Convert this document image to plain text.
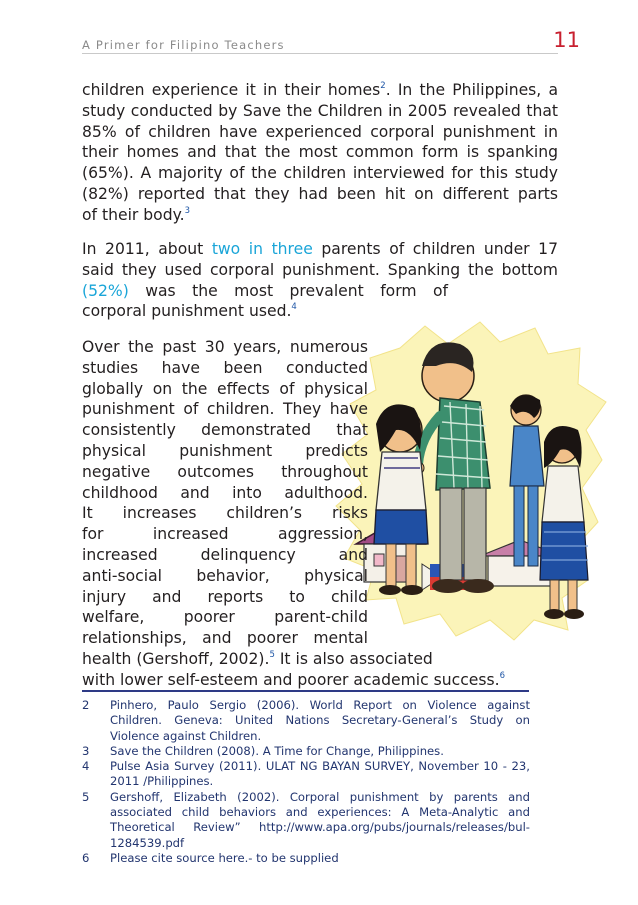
A Primer for Filipino Teachers	11
children experience it in their homes$^2$. In the Philippines, a
study conducted by Save the Children in 2005 revealed that
85% of children have experienced corporal punishment in
their homes and that the most common form is spanking
(65%). A majority of the children interviewed for this study
(82%) reported that they had been hit on different parts
of their body.$^3$
In 2011, about two in three parents of children under 17
said they used corporal punishment. Spanking the bottom
(52%) was the most prevalent form of
corporal punishment used.$^4$
Over the past 30 years, numerous
studies have been conducted
globally on the effects of physical
punishment of children. They have
consistently demonstrated that
physical punishment predicts
negative outcomes throughout
childhood and into adulthood.
It increases children’s risks
for increased aggression,
increased delinquency and
anti-social behavior, physical
injury and reports to child
welfare, poorer parent-child
relationships, and poorer mental
health (Gershoff, 2002).$^5$ It is also associated
with lower self-esteem and poorer academic success.$^6$
2 Pinhero, Paulo Sergio (2006). World Report on Violence against Children. Geneva: United Nations Secretary-General’s Study on Violence against Children.
3 Save the Children (2008). A Time for Change, Philippines.
4 Pulse Asia Survey (2011). ULAT NG BAYAN SURVEY, November 10 - 23, 2011 /Philippines.
5 Gershoff, Elizabeth (2002). Corporal punishment by parents and associated child behaviors and experiences: A Meta-Analytic and Theoretical Review” http://www.apa.org/pubs/journals/releases/bul-1284539.pdf
6 Please cite source here.- to be supplied
